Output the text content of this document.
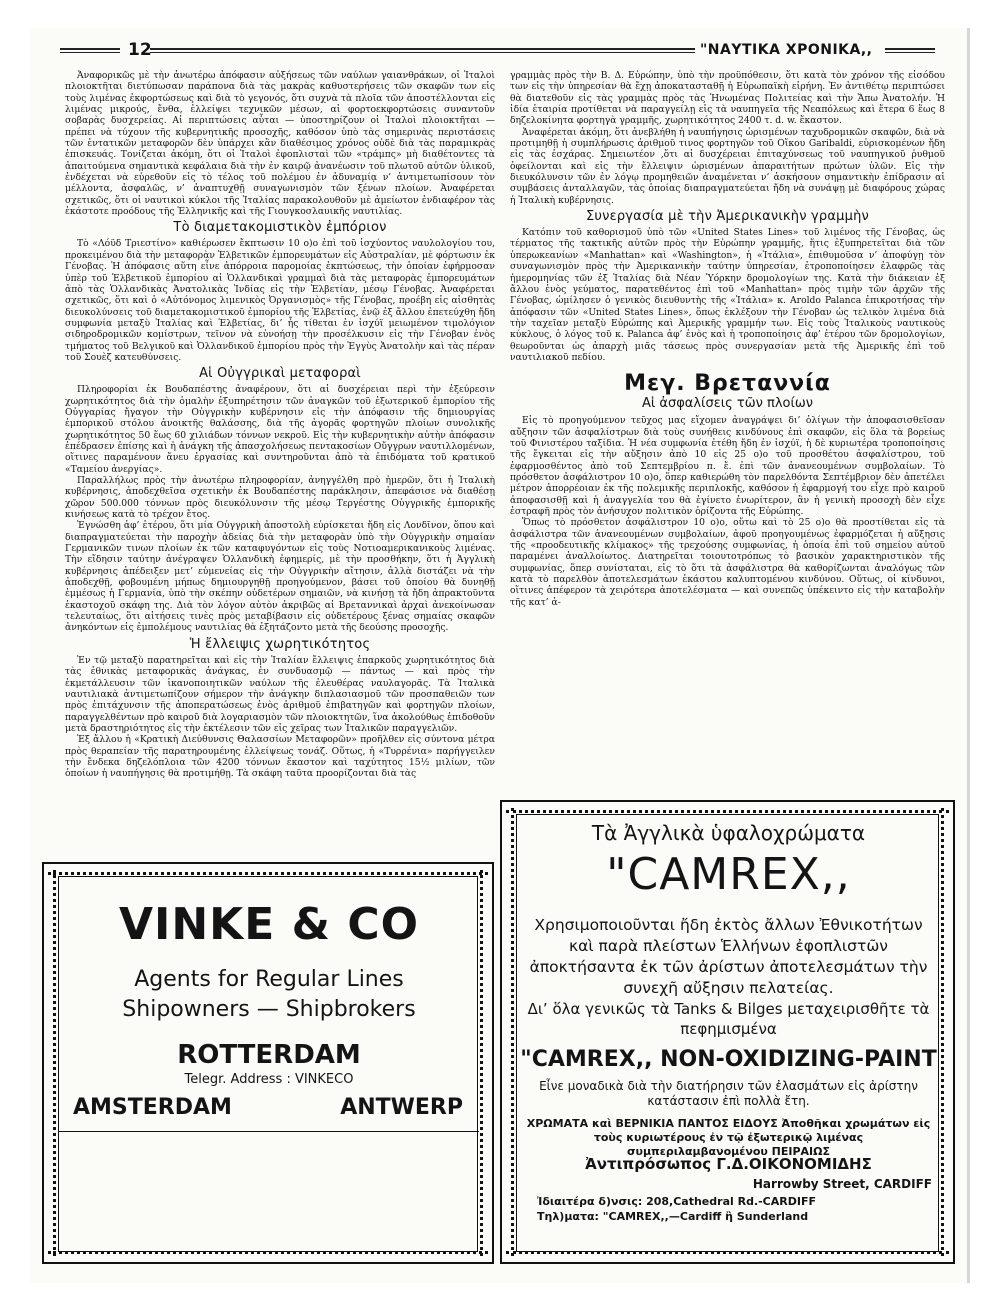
12	"ΝΑΥΤΙΚΑ ΧΡΟΝΙΚΑ,,

Ἀναφορικῶς μὲ τὴν ἀνωτέρω ἀπόφασιν αὐξήσεως τῶν ναύλων γαιανθράκων, οἱ Ἰταλοὶ πλοιοκτῆται διετύπωσαν παράπονα διὰ τὰς μακρὰς καθυστερήσεις τῶν σκαφῶν των εἰς τοὺς λιμένας ἐκφορτώσεως καὶ διὰ τὸ γεγονός, ὅτι συχνὰ τὰ πλοῖα τῶν ἀποστέλλονται εἰς λιμένας μικρούς, ἔνθα, ἐλλείψει τεχνικῶν μέσων, αἱ φορτοεκφορτώσεις συναντοῦν σοβαρὰς δυσχερείας. Αἱ περιπτώσεις αὗται — ὑποστηρίζουν οἱ Ἰταλοὶ πλοιοκτῆται — πρέπει νὰ τύχουν τῆς κυβερνητικῆς προσοχῆς, καθόσον ὑπὸ τὰς σημερινὰς περιστάσεις τῶν ἐντατικῶν μεταφορῶν δὲν ὑπάρχει κἂν διαθέσιμος χρόνος οὐδὲ διὰ τὰς παραμικρὰς ἐπισκευάς. Τονίζεται ἀκόμη, ὅτι οἱ Ἰταλοὶ ἐφοπλισταὶ τῶν «τράμπς» μὴ διαθέτοντες τὰ ἀπαιτούμενα σημαντικὰ κεφάλαια διὰ τὴν ἐν καιρῷ ἀνανέωσιν τοῦ πλωτοῦ αὐτῶν ὑλικοῦ, ἐνδέχεται νὰ εὑρεθοῦν εἰς τὸ τέλος τοῦ πολέμου ἐν ἀδυναμίᾳ ν’ ἀντιμετωπίσουν τὸν μέλλοντα, ἀσφαλῶς, ν’ ἀναπτυχθῇ συναγωνισμὸν τῶν ξένων πλοίων. Ἀναφέρεται σχετικῶς, ὅτι οἱ ναυτικοὶ κύκλοι τῆς Ἰταλίας παρακολουθοῦν μὲ ἀμείωτον ἐνδιαφέρον τὰς ἑκάστοτε προόδους τῆς Ἑλληνικῆς καὶ τῆς Γιουγκοσλαυικῆς ναυτιλίας.

Τὸ διαμετακομιστικὸν ἐμπόριον

Τὸ «Λόϋδ Τριεστίνο» καθιέρωσεν ἔκπτωσιν 10 ο)ο ἐπὶ τοῦ ἰσχύοντος ναυλολογίου του, προκειμένου διὰ τὴν μεταφορὰν Ἑλβετικῶν ἐμπορευμάτων εἰς Αὐστραλίαν, μὲ φόρτωσιν ἐκ Γένοβας. Ἡ ἀπόφασις αὕτη εἶνε ἀπόρροια παρομοίας ἐκπτώσεως, τὴν ὁποίαν ἐφήρμοσαν ὑπὲρ τοῦ Ἑλβετικοῦ ἐμπορίου αἱ Ὁλλανδικαὶ γραμμαὶ διὰ τὰς μεταφορὰς ἐμπορευμάτων ἀπὸ τὰς Ὁλλανδικὰς Ἀνατολικὰς Ἰνδίας εἰς τὴν Ἑλβετίαν, μέσῳ Γένοβας. Ἀναφέρεται σχετικῶς, ὅτι καὶ ὁ «Αὐτόνομος λιμενικὸς Ὀργανισμὸς» τῆς Γένοβας, προέβη εἰς αἰσθητὰς διευκολύνσεις τοῦ διαμετακομιστικοῦ ἐμπορίου τῆς Ἑλβετίας, ἐνῷ ἐξ ἄλλου ἐπετεύχθη ἤδη συμφωνία μεταξὺ Ἰταλίας καὶ Ἑλβετίας, δι’ ἧς τίθεται ἐν ἰσχύϊ μειωμένον τιμολόγιον σιδηροδρομικῶν κομίστρων, τεῖνον νὰ εὐνοήσῃ τὴν προσέλκυσιν εἰς τὴν Γένοβαν ἑνὸς τμήματος τοῦ Βελγικοῦ καὶ Ὁλλανδικοῦ ἐμπορίου πρὸς τὴν Ἐγγὺς Ἀνατολὴν καὶ τὰς πέραν τοῦ Σουὲζ κατευθύνσεις.

Αἱ Οὐγγρικαὶ μεταφοραὶ

Πληροφορίαι ἐκ Βουδαπέστης ἀναφέρουν, ὅτι αἱ δυσχέρειαι περὶ τὴν ἐξεύρεσιν χωρητικότητος διὰ τὴν ὁμαλὴν ἐξυπηρέτησιν τῶν ἀναγκῶν τοῦ ἐξωτερικοῦ ἐμπορίου τῆς Οὐγγαρίας ἤγαγον τὴν Οὐγγρικὴν κυβέρνησιν εἰς τὴν ἀπόφασιν τῆς δημιουργίας ἐμπορικοῦ στόλου ἀνοικτῆς θαλάσσης, διὰ τῆς ἀγορᾶς φορτηγῶν πλοίων συνολικῆς χωρητικότητος 50 ἕως 60 χιλιάδων τόννων νεκροῦ. Εἰς τὴν κυβερνητικὴν αὐτὴν ἀπόφασιν ἐπέδρασεν ἐπίσης καὶ ἡ ἀνάγκη τῆς ἀπασχολήσεως πεντακοσίων Οὔγγρων ναυτιλλομένων, οἵτινες παραμένουν ἄνευ ἐργασίας καὶ συντηροῦνται ἀπὸ τὰ ἐπιδόματα τοῦ κρατικοῦ «Ταμείου ἀνεργίας».

Παραλλήλως πρὸς τὴν ἀνωτέρω πληροφορίαν, ἀνηγγέλθη πρὸ ἡμερῶν, ὅτι ἡ Ἰταλικὴ κυβέρνησις, ἀποδεχθεῖσα σχετικὴν ἐκ Βουδαπέστης παράκλησιν, ἀπεφάσισε νὰ διαθέσῃ χῶρον 500.000 τόννων πρὸς διευκόλυνσιν τῆς μέσῳ Τεργέστης Οὐγγρικῆς ἐμπορικῆς κινήσεως κατὰ τὸ τρέχον ἔτος.

Ἐγνώσθη ἀφ’ ἑτέρου, ὅτι μία Οὐγγρικὴ ἀποστολὴ εὑρίσκεται ἤδη εἰς Λονδῖνον, ὅπου καὶ διαπραγματεύεται τὴν παροχὴν ἀδείας διὰ τὴν μεταφορὰν ὑπὸ τὴν Οὐγγρικὴν σημαίαν Γερμανικῶν τινων πλοίων ἐκ τῶν καταφυγόντων εἰς τοὺς Νοτιοαμερικανικοὺς λιμένας. Τὴν εἴδησιν ταύτην ἀνέγραψεν Ὁλλανδικὴ ἐφημερίς, μὲ τὴν προσθήκην, ὅτι ἡ Ἀγγλικὴ κυβέρνησις ἀπέδειξεν μετ’ εὐμενείας εἰς τὴν Οὐγγρικὴν αἴτησιν, ἀλλὰ διστάζει νὰ τὴν ἀποδεχθῇ, φοβουμένη μήπως δημιουργηθῇ προηγούμενον, βάσει τοῦ ὁποίου θὰ δυνηθῇ ἐμμέσως ἡ Γερμανία, ὑπὸ τὴν σκέπην οὐδετέρων σημαιῶν, νὰ κινήσῃ τὰ ἤδη ἀπρακτοῦντα ἐκαστοχοῦ σκάφη της. Διὰ τὸν λόγον αὐτὸν ἀκριβῶς αἱ Βρεταννικαὶ ἀρχαὶ ἀνεκοίνωσαν τελευταίως, ὅτι αἰτήσεις τινὲς πρὸς μεταβίβασιν εἰς οὐδετέρους ξένας σημαίας σκαφῶν ἀνηκόντων εἰς ἐμπολέμους ναυτιλίας θὰ ἐξητάζοντο μετὰ τῆς δεούσης προσοχῆς.

Ἡ ἔλλειψις χωρητικότητος

Ἐν τῷ μεταξὺ παρατηρεῖται καὶ εἰς τὴν Ἰταλίαν ἔλλειψις ἐπαρκοῦς χωρητικότητος διὰ τὰς ἐθνικὰς μεταφορικὰς ἀνάγκας, ἐν συνδυασμῷ — πάντως — καὶ πρὸς τὴν ἐκμετάλλευσιν τῶν ἱκανοποιητικῶν ναύλων τῆς ἐλευθέρας ναυλαγορᾶς. Τὰ Ἰταλικὰ ναυτιλιακὰ ἀντιμετωπίζουν σήμερον τὴν ἀνάγκην διπλασιασμοῦ τῶν προσπαθειῶν των πρὸς ἐπιτάχυνσιν τῆς ἀποπερατώσεως ἑνὸς ἀριθμοῦ ἐπιβατηγῶν καὶ φορτηγῶν πλοίων, παραγγελθέντων πρὸ καιροῦ διὰ λογαριασμὸν τῶν πλοιοκτητῶν, ἵνα ἀκολούθως ἐπιδοθοῦν μετὰ δραστηριότητος εἰς τὴν ἐκτέλεσιν τῶν εἰς χεῖρας των Ἰταλικῶν παραγγελιῶν.

Ἐξ ἄλλου ἡ «Κρατικὴ Διεύθυνσις Θαλασσίων Μεταφορῶν» προῆλθεν εἰς σύντονα μέτρα πρὸς θεραπείαν τῆς παρατηρουμένης ἐλλείψεως τονάζ. Οὕτως, ἡ «Τυρρένια» παρήγγειλεν τὴν ἔνδεκα δηζελόπλοια τῶν 4200 τόννων ἕκαστον καὶ ταχύτητος 15½ μιλίων, τῶν ὁποίων ἡ ναυπήγησις θὰ προτιμήθῃ. Τὰ σκάφη ταῦτα προορίζονται διὰ τὰς

γραμμὰς πρὸς τὴν Β. Δ. Εὐρώπην, ὑπὸ τὴν προϋπόθεσιν, ὅτι κατὰ τὸν χρόνον τῆς εἰσόδου των εἰς τὴν ὑπηρεσίαν θὰ ἔχῃ ἀποκατασταθῇ ἡ Εὐρωπαϊκὴ εἰρήνη. Ἐν ἀντιθέτῳ περιπτώσει θὰ διατεθοῦν εἰς τὰς γραμμὰς πρὸς τὰς Ἡνωμένας Πολιτείας καὶ τὴν Ἄπω Ἀνατολήν. Ἡ ἰδία ἑταιρία προτίθεται νὰ παραγγείλῃ εἰς τὰ ναυπηγεῖα τῆς Νεαπόλεως καὶ ἕτερα 6 ἕως 8 δηζελοκίνητα φορτηγὰ γραμμῆς, χωρητικότητος 2400 τ. d. w. ἕκαστον.

Ἀναφέρεται ἀκόμη, ὅτι ἀνεβλήθη ἡ ναυπήγησις ὡρισμένων ταχυδρομικῶν σκαφῶν, διὰ νὰ προτιμηθῇ ἡ συμπλήρωσις ἀριθμοῦ τινος φορτηγῶν τοῦ Οἴκου Garibaldi, εὑρισκομένων ἤδη εἰς τὰς ἐσχάρας. Σημειωτέον ,ὅτι αἱ δυσχέρειαι ἐπιταχύνσεως τοῦ ναυπηγικοῦ ῥυθμοῦ ὀφείλονται καὶ εἰς τὴν ἔλλειψιν ὡρισμένων ἀπαραιτήτων πρώτων ὑλῶν. Εἰς τὴν διευκόλυνσιν τῶν ἐν λόγῳ προμηθειῶν ἀναμένεται ν’ ἀσκήσουν σημαντικὴν ἐπίδρασιν αἱ συμβάσεις ἀνταλλαγῶν, τὰς ὁποίας διαπραγματεύεται ἤδη νὰ συνάψῃ μὲ διαφόρους χώρας ἡ Ἰταλικὴ κυβέρνησις.

Συνεργασία μὲ τὴν Ἀμερικανικὴν γραμμὴν

Κατόπιν τοῦ καθορισμοῦ ὑπὸ τῶν «United States Lines» τοῦ λιμένος τῆς Γένοβας, ὡς τέρματος τῆς τακτικῆς αὐτῶν πρὸς τὴν Εὐρώπην γραμμῆς, ἥτις ἐξυπηρετεῖται διὰ τῶν ὑπερωκεανίων «Manhattan» καὶ «Washington», ἡ «Ἰτάλια», ἐπιθυμοῦσα ν’ ἀποφύγῃ τὸν συναγωνισμὸν πρὸς τὴν Ἀμερικανικὴν ταύτην ὑπηρεσίαν, ἐτροποποίησεν ἐλαφρῶς τὰς ἡμερομηνίας τῶν ἐξ Ἰταλίας διὰ Νέαν Ὑόρκην δρομολογίων της. Κατὰ τὴν διάκειαν ἐξ ἄλλου ἑνὸς γεύματος, παρατεθέντος ἐπὶ τοῦ «Manhattan» πρὸς τιμὴν τῶν ἀρχῶν τῆς Γένοβας, ὡμίλησεν ὁ γενικὸς διευθυντὴς τῆς «Ἰτάλια» κ. Aroldo Palanca ἐπικροτήσας τὴν ἀπόφασιν τῶν «United States Lines», ὅπως ἐκλέξουν τὴν Γένοβαν ὡς τελικὸν λιμένα διὰ τὴν ταχεῖαν μεταξὺ Εὐρώπης καὶ Ἀμερικῆς γραμμήν των. Εἰς τοὺς Ἰταλικοὺς ναυτικοὺς κύκλους, ὁ λόγος τοῦ κ. Palanca ἀφ’ ἑνὸς καὶ ἡ τροποποίησις ἀφ’ ἑτέρου τῶν δρομολογίων, θεωροῦνται ὡς ἀπαρχὴ μιᾶς τάσεως πρὸς συνεργασίαν μετὰ τῆς Ἀμερικῆς ἐπὶ τοῦ ναυτιλιακοῦ πεδίου.

Μεγ. Βρεταννία
Αἱ ἀσφαλίσεις τῶν πλοίων

Εἰς τὸ προηγούμενον τεῦχος μας εἴχομεν ἀναγράψει δι’ ὀλίγων τὴν ἀποφασισθεῖσαν αὔξησιν τῶν ἀσφαλίστρων διὰ τοὺς συνήθεις κινδύνους ἐπὶ σκαφῶν, εἰς ὅλα τὰ βορείως τοῦ Φινιστέρου ταξίδια. Ἡ νέα συμφωνία ἐτέθη ἤδη ἐν ἰσχύϊ, ἡ δὲ κυριωτέρα τροποποίησις τῆς ἔγκειται εἰς τὴν αὔξησιν ἀπὸ 10 εἰς 25 ο)ο τοῦ προσθέτου ἀσφαλίστρου, τοῦ ἐφαρμοσθέντος ἀπὸ τοῦ Σεπτεμβρίου π. ἔ. ἐπὶ τῶν ἀνανεουμένων συμβολαίων. Τὸ πρόσθετον ἀσφάλιστρον 10 ο)ο, ὅπερ καθιερώθη τὸν παρελθόντα Σεπτέμβριον δὲν ἀπετέλει μέτρον ἀπορρέοιαν ἐκ τῆς πολεμικῆς περιπλοκῆς, καθόσον ἡ ἐφαρμογή του εἶχε πρὸ καιροῦ ἀποφασισθῇ καὶ ἡ ἀναγγελία του θὰ ἐγίνετο ἐνωρίτερον, ἂν ἡ γενικὴ προσοχὴ δὲν εἶχε ἐστραφῆ πρὸς τὸν ἀνήσυχον πολιτικὸν ὁρίζοντα τῆς Εὐρώπης.

Ὅπως τὸ πρόσθετον ἀσφάλιστρον 10 ο)ο, οὕτω καὶ τὸ 25 ο)ο θὰ προστίθεται εἰς τὰ ἀσφάλιστρα τῶν ἀνανεουμένων συμβολαίων, ἀφοῦ προηγουμένως ἐφαρμόζεται ἡ αὔξησις τῆς «προοδευτικῆς κλίμακος» τῆς τρεχούσης συμφωνίας, ἡ ὁποία ἐπὶ τοῦ σημείου αὐτοῦ παραμένει ἀναλλοίωτος. Διατηρεῖται τοιουτοτρόπως τὸ βασικὸν χαρακτηριστικὸν τῆς συμφωνίας, ὅπερ συνίσταται, εἰς τὸ ὅτι τὰ ἀσφάλιστρα θὰ καθορίζωνται ἀναλόγως τῶν κατὰ τὸ παρελθὸν ἀποτελεσμάτων ἑκάστου καλυπτομένου κινδύνου. Οὕτως, οἱ κίνδυνοι, οἵτινες ἀπέφερον τὰ χειρότερα ἀποτελέσματα — καὶ συνεπῶς ὑπέκειντο εἰς τὴν καταβολὴν τῆς κατ’ ἀ-

VINKE & CO
Agents for Regular Lines
Shipowners — Shipbrokers
ROTTERDAM
Telegr. Address : VINKECO
AMSTERDAM	ANTWERP
Τὰ Ἀγγλικὰ ὑφαλοχρώματα
"CAMREX,,
Χρησιμοποιοῦνται ἤδη ἐκτὸς ἄλλων Ἐθνικοτήτων καὶ παρὰ πλείστων Ἑλλήνων ἐφοπλιστῶν ἀποκτήσαντα ἐκ τῶν ἀρίστων ἀποτελεσμάτων τὴν συνεχῆ αὔξησιν πελατείας.
Δι’ ὅλα γενικῶς τὰ Tanks & Bilges μεταχειρισθῆτε τὰ πεφημισμένα
"CAMREX,, NON-OXIDIZING-PAINT
Εἶνε μοναδικὰ διὰ τὴν διατήρησιν τῶν ἐλασμάτων εἰς ἀρίστην κατάστασιν ἐπὶ πολλὰ ἔτη.
ΧΡΩΜΑΤΑ καὶ ΒΕΡΝΙΚΙΑ ΠΑΝΤΟΣ ΕΙΔΟΥΣ Ἀποθῆκαι χρωμάτων εἰς τοὺς κυριωτέρους ἐν τῷ ἐξωτερικῷ λιμένας συμπεριλαμβανομένου ΠΕΙΡΑΙΩΣ
Ἀντιπρόσωπος Γ.Δ.ΟΙΚΟΝΟΜΙΔΗΣ
Harrowby Street, CARDIFF
Ἰδιαιτέρα δ)νσις: 208,Cathedral Rd.-CARDIFF
Τηλ)ματα: "CAMREX,,—Cardiff ἢ Sunderland
